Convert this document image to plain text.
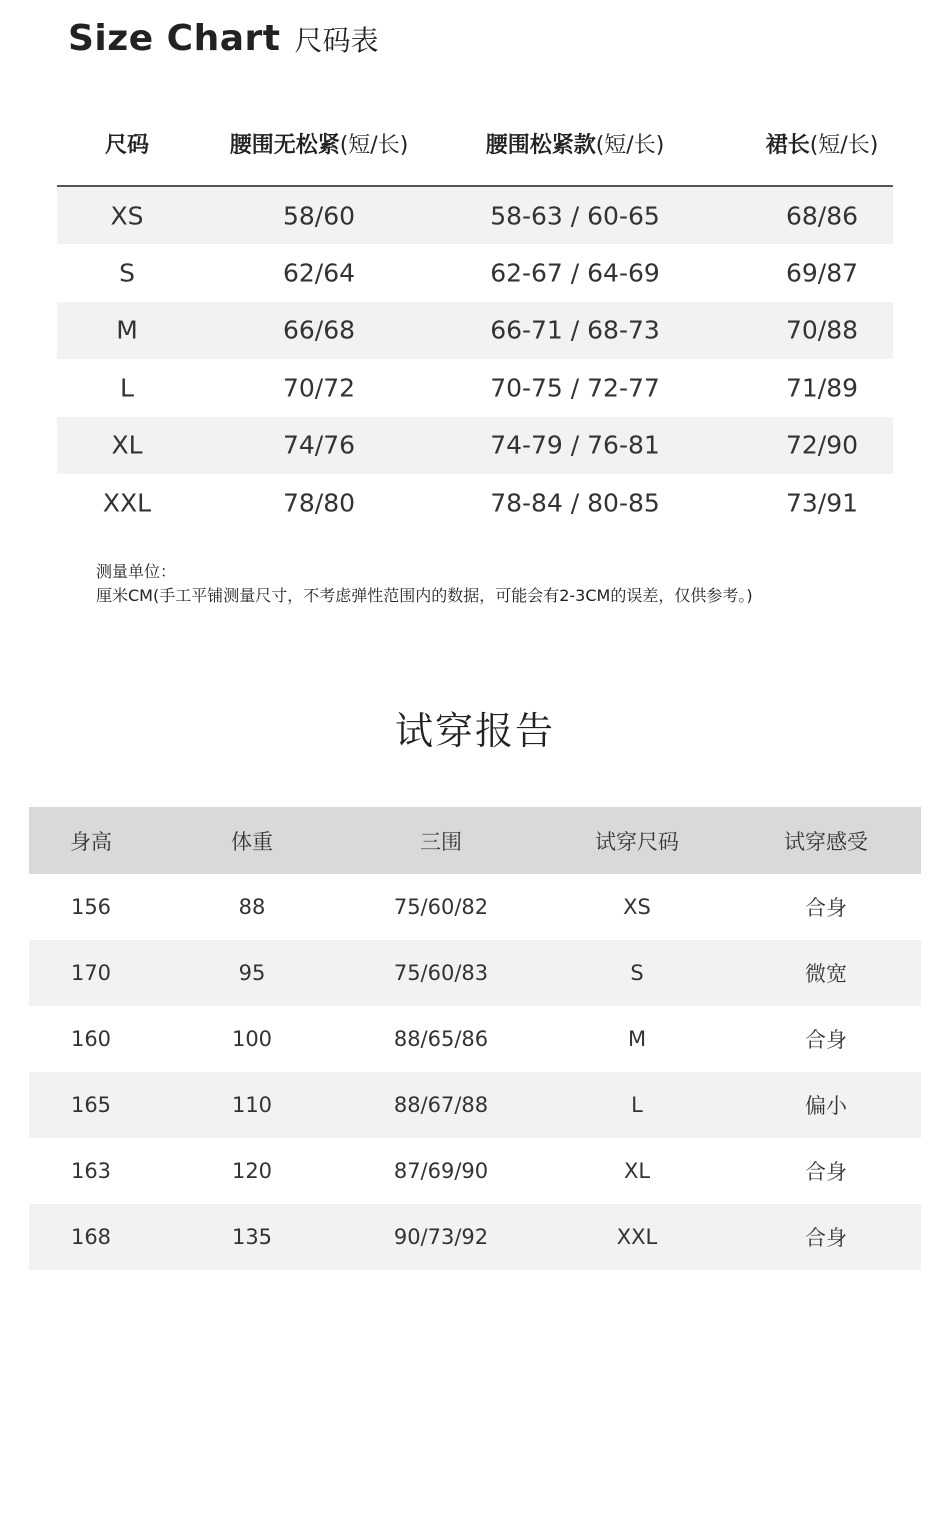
Size Chart 尺码表
尺码	腰围无松紧(短/长)	腰围松紧款(短/长)	裙长(短/长)
XS	58/60	58-63 / 60-65	68/86
S	62/64	62-67 / 64-69	69/87
M	66/68	66-71 / 68-73	70/88
L	70/72	70-75 / 72-77	71/89
XL	74/76	74-79 / 76-81	72/90
XXL	78/80	78-84 / 80-85	73/91
测量单位：
厘米CM(手工平铺测量尺寸，不考虑弹性范围内的数据，可能会有2-3CM的误差，仅供参考。)
试穿报告
身高	体重	三围	试穿尺码	试穿感受
156	88	75/60/82	XS	合身
170	95	75/60/83	S	微宽
160	100	88/65/86	M	合身
165	110	88/67/88	L	偏小
163	120	87/69/90	XL	合身
168	135	90/73/92	XXL	合身
